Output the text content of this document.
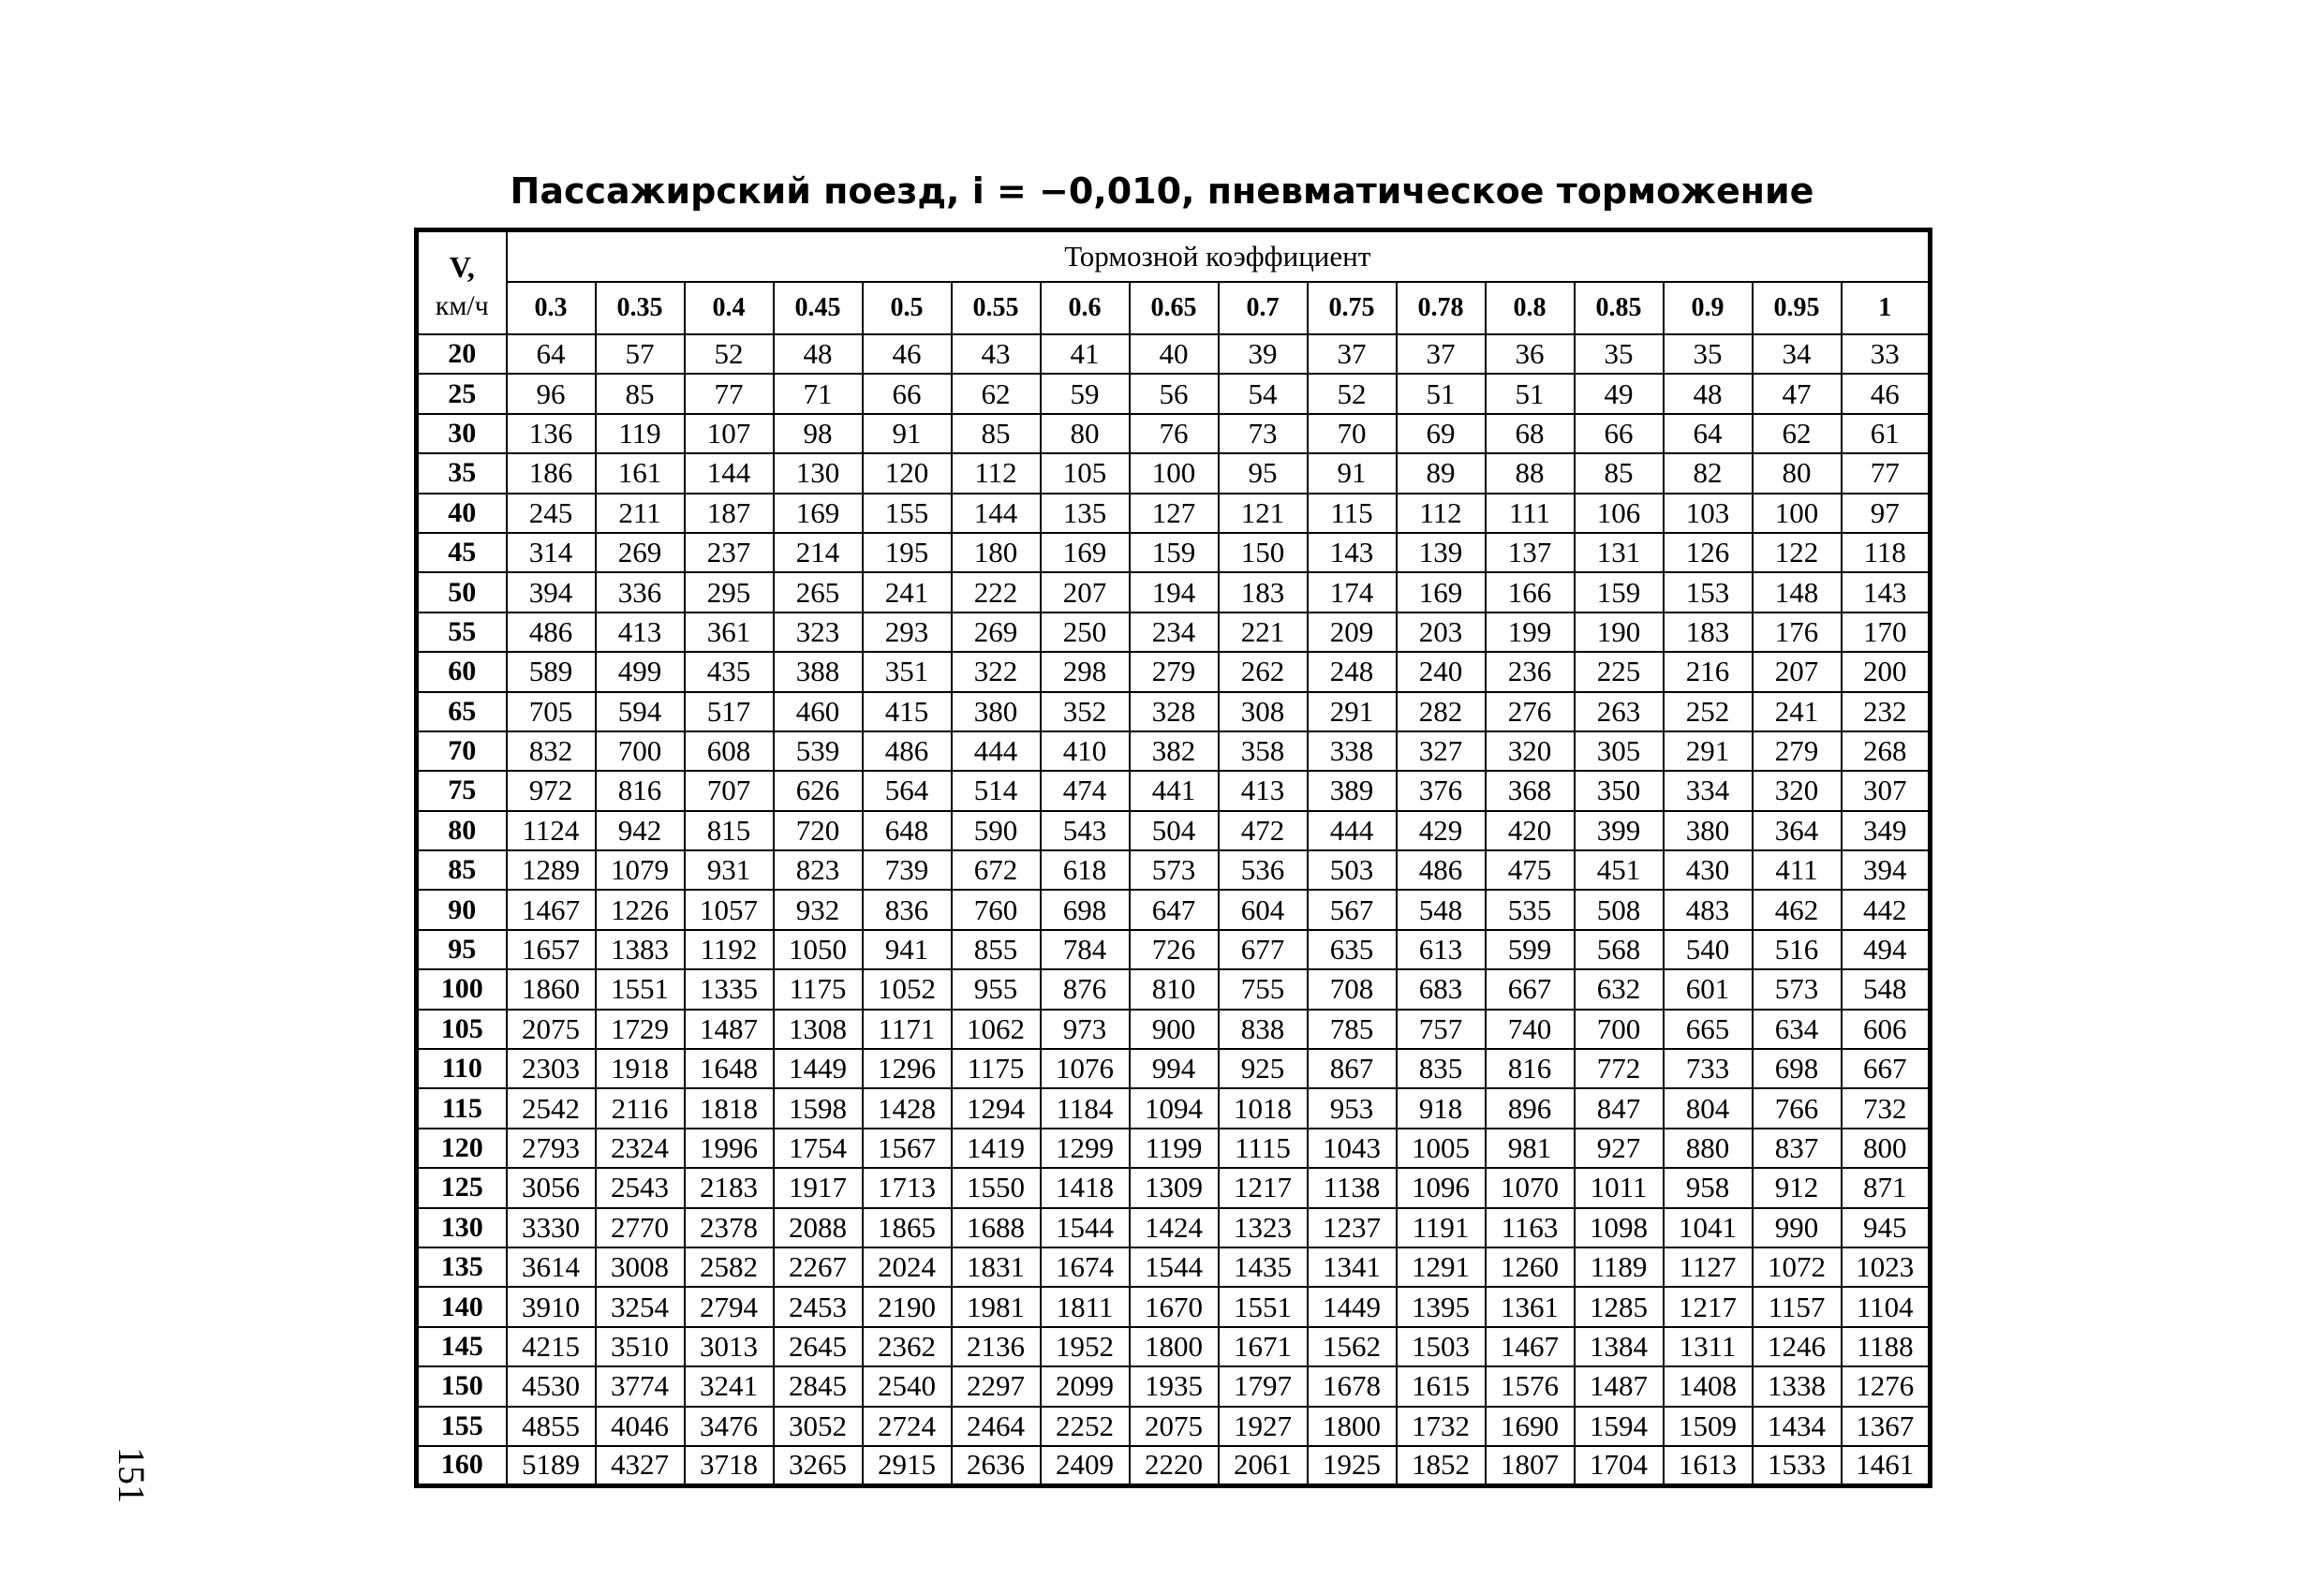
Пассажирский поезд, i = −0,010, пневматическое торможение
151
V,
км/ч	Тормозной коэффициент															
	0.3	0.35	0.4	0.45	0.5	0.55	0.6	0.65	0.7	0.75	0.78	0.8	0.85	0.9	0.95	1
20	64	57	52	48	46	43	41	40	39	37	37	36	35	35	34	33
25	96	85	77	71	66	62	59	56	54	52	51	51	49	48	47	46
30	136	119	107	98	91	85	80	76	73	70	69	68	66	64	62	61
35	186	161	144	130	120	112	105	100	95	91	89	88	85	82	80	77
40	245	211	187	169	155	144	135	127	121	115	112	111	106	103	100	97
45	314	269	237	214	195	180	169	159	150	143	139	137	131	126	122	118
50	394	336	295	265	241	222	207	194	183	174	169	166	159	153	148	143
55	486	413	361	323	293	269	250	234	221	209	203	199	190	183	176	170
60	589	499	435	388	351	322	298	279	262	248	240	236	225	216	207	200
65	705	594	517	460	415	380	352	328	308	291	282	276	263	252	241	232
70	832	700	608	539	486	444	410	382	358	338	327	320	305	291	279	268
75	972	816	707	626	564	514	474	441	413	389	376	368	350	334	320	307
80	1124	942	815	720	648	590	543	504	472	444	429	420	399	380	364	349
85	1289	1079	931	823	739	672	618	573	536	503	486	475	451	430	411	394
90	1467	1226	1057	932	836	760	698	647	604	567	548	535	508	483	462	442
95	1657	1383	1192	1050	941	855	784	726	677	635	613	599	568	540	516	494
100	1860	1551	1335	1175	1052	955	876	810	755	708	683	667	632	601	573	548
105	2075	1729	1487	1308	1171	1062	973	900	838	785	757	740	700	665	634	606
110	2303	1918	1648	1449	1296	1175	1076	994	925	867	835	816	772	733	698	667
115	2542	2116	1818	1598	1428	1294	1184	1094	1018	953	918	896	847	804	766	732
120	2793	2324	1996	1754	1567	1419	1299	1199	1115	1043	1005	981	927	880	837	800
125	3056	2543	2183	1917	1713	1550	1418	1309	1217	1138	1096	1070	1011	958	912	871
130	3330	2770	2378	2088	1865	1688	1544	1424	1323	1237	1191	1163	1098	1041	990	945
135	3614	3008	2582	2267	2024	1831	1674	1544	1435	1341	1291	1260	1189	1127	1072	1023
140	3910	3254	2794	2453	2190	1981	1811	1670	1551	1449	1395	1361	1285	1217	1157	1104
145	4215	3510	3013	2645	2362	2136	1952	1800	1671	1562	1503	1467	1384	1311	1246	1188
150	4530	3774	3241	2845	2540	2297	2099	1935	1797	1678	1615	1576	1487	1408	1338	1276
155	4855	4046	3476	3052	2724	2464	2252	2075	1927	1800	1732	1690	1594	1509	1434	1367
160	5189	4327	3718	3265	2915	2636	2409	2220	2061	1925	1852	1807	1704	1613	1533	1461
